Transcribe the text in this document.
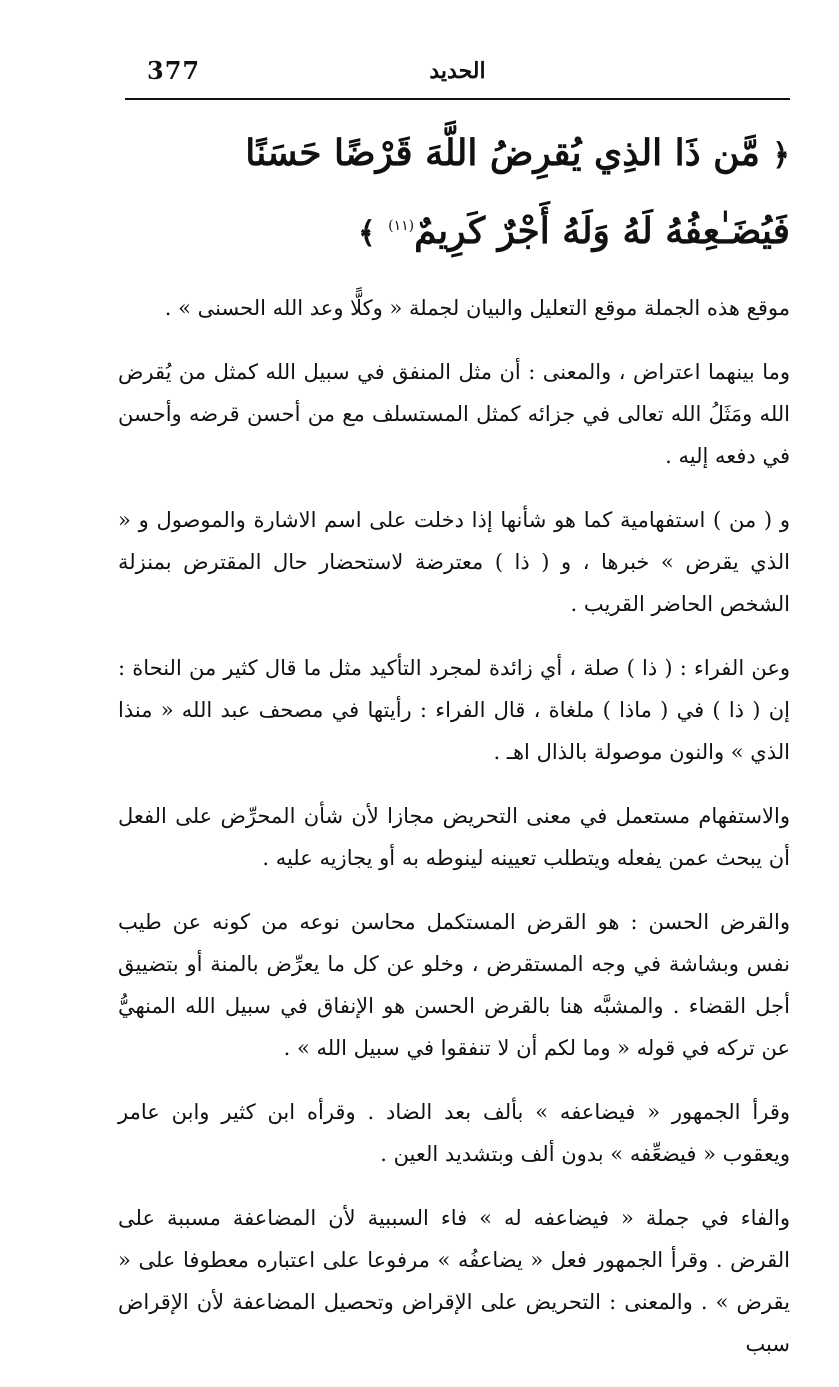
377	الحديد
﴿ مَّن ذَا الذِي يُقرِضُ اللَّهَ قَرْضًا حَسَنًا فَيُضَـٰعِفُهُ لَهُ وَلَهُ أَجْرٌ كَرِيمٌ$^{(١١)}$ ﴾

موقع هذه الجملة موقع التعليل والبيان لجملة « وكلًّا وعد الله الحسنى » .

وما بينهما اعتراض ، والمعنى : أن مثل المنفق في سبيل الله كمثل من يُقرض الله ومَثَلُ الله تعالى في جزائه كمثل المستسلف مع من أحسن قرضه وأحسن في دفعه إليه .

و ( من ) استفهامية كما هو شأنها إذا دخلت على اسم الاشارة والموصول و « الذي يقرض » خبرها ، و ( ذا ) معترضة لاستحضار حال المقترض بمنزلة الشخص الحاضر القريب .

وعن الفراء : ( ذا ) صلة ، أي زائدة لمجرد التأكيد مثل ما قال كثير من النحاة : إن ( ذا ) في ( ماذا ) ملغاة ، قال الفراء : رأيتها في مصحف عبد الله « منذا الذي » والنون موصولة بالذال اهـ .

والاستفهام مستعمل في معنى التحريض مجازا لأن شأن المحرِّض على الفعل أن يبحث عمن يفعله ويتطلب تعيينه لينوطه به أو يجازيه عليه .

والقرض الحسن : هو القرض المستكمل محاسن نوعه من كونه عن طيب نفس وبشاشة في وجه المستقرض ، وخلو عن كل ما يعرِّض بالمنة أو بتضييق أجل القضاء . والمشبَّه هنا بالقرض الحسن هو الإنفاق في سبيل الله المنهيُّ عن تركه في قوله « وما لكم أن لا تنفقوا في سبيل الله » .

وقرأ الجمهور « فيضاعفه » بألف بعد الضاد . وقرأه ابن كثير وابن عامر ويعقوب « فيضعِّفه » بدون ألف وبتشديد العين .

والفاء في جملة « فيضاعفه له » فاء السببية لأن المضاعفة مسببة على القرض . وقرأ الجمهور فعل « يضاعفُه » مرفوعا على اعتباره معطوفا على « يقرض » . والمعنى : التحريض على الإقراض وتحصيل المضاعفة لأن الإقراض سبب
